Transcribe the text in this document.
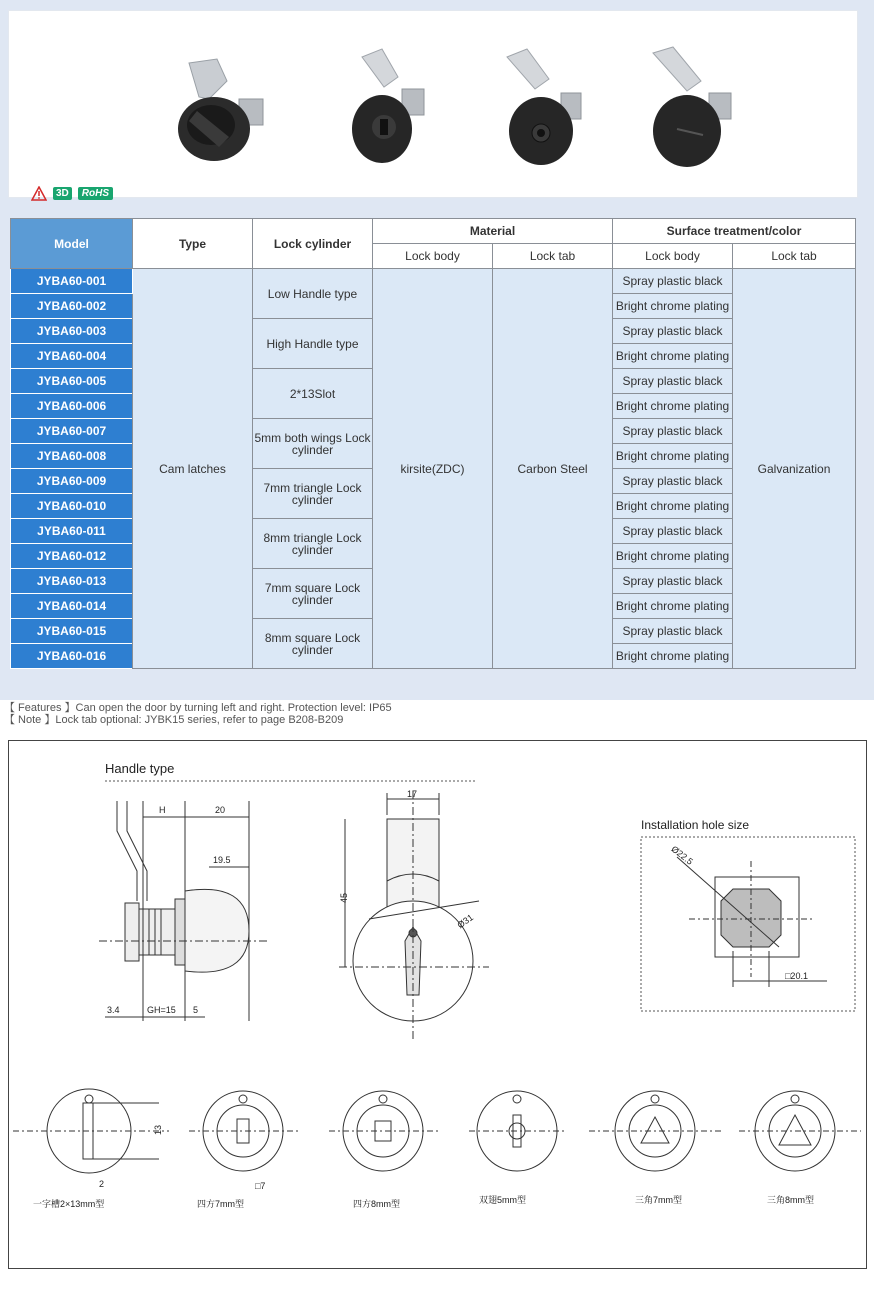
3D	RoHS
Model	Type	Lock cylinder	Material		Surface treatment/color	
			Lock body	Lock tab	Lock body	Lock tab
JYBA60-001	Cam latches	Low Handle type	kirsite(ZDC)	Carbon Steel	Spray plastic black	Galvanization
JYBA60-002					Bright chrome plating	
JYBA60-003		High Handle type			Spray plastic black	
JYBA60-004					Bright chrome plating	
JYBA60-005		2*13Slot			Spray plastic black	
JYBA60-006					Bright chrome plating	
JYBA60-007		5mm both wings Lock cylinder			Spray plastic black	
JYBA60-008					Bright chrome plating	
JYBA60-009		7mm triangle Lock cylinder			Spray plastic black	
JYBA60-010					Bright chrome plating	
JYBA60-011		8mm triangle Lock cylinder			Spray plastic black	
JYBA60-012					Bright chrome plating	
JYBA60-013		7mm square Lock cylinder			Spray plastic black	
JYBA60-014					Bright chrome plating	
JYBA60-015		8mm square Lock cylinder			Spray plastic black	
JYBA60-016					Bright chrome plating	
【 Features 】Can open the door by turning left and right. Protection level: IP65
【 Note 】Lock tab optional: JYBK15 series, refer to page B208-B209
Handle type
H	20
19.5
3.4	GH=15 5
17
45
Ø31
Installation hole size
Ø22.5
□20.1
2
13
□7
一字槽2×13mm型	四方7mm型	四方8mm型	双翅5mm型	三角7mm型	三角8mm型
